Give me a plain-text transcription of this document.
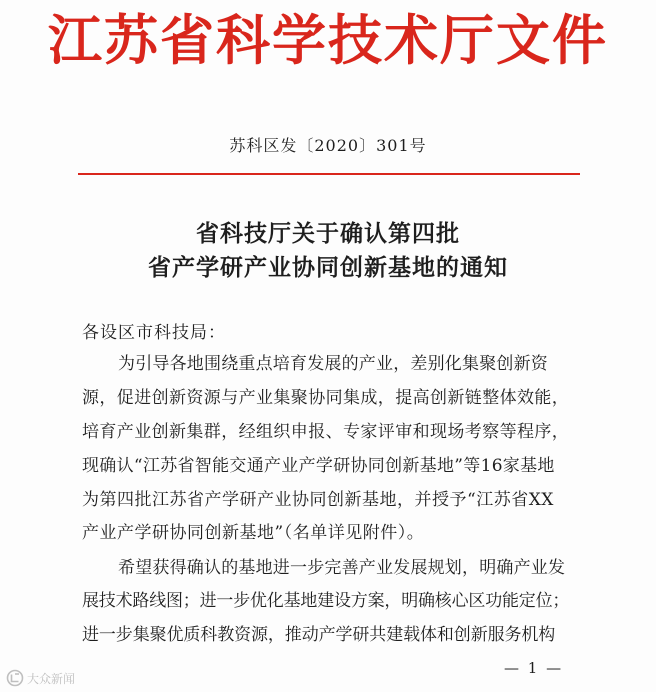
江苏省科学技术厅文件
苏科区发〔2020〕301号
省科技厅关于确认第四批
省产学研产业协同创新基地的通知
各设区市科技局：
为引导各地围绕重点培育发展的产业，差别化集聚创新资
源，促进创新资源与产业集聚协同集成，提高创新链整体效能，
培育产业创新集群，经组织申报、专家评审和现场考察等程序，
现确认“江苏省智能交通产业产学研协同创新基地”等16家基地
为第四批江苏省产学研产业协同创新基地，并授予“江苏省XX
产业产学研协同创新基地”（名单详见附件）。
希望获得确认的基地进一步完善产业发展规划，明确产业发
展技术路线图；进一步优化基地建设方案，明确核心区功能定位；
进一步集聚优质科教资源，推动产学研共建载体和创新服务机构
— 1 —
大众新闻
